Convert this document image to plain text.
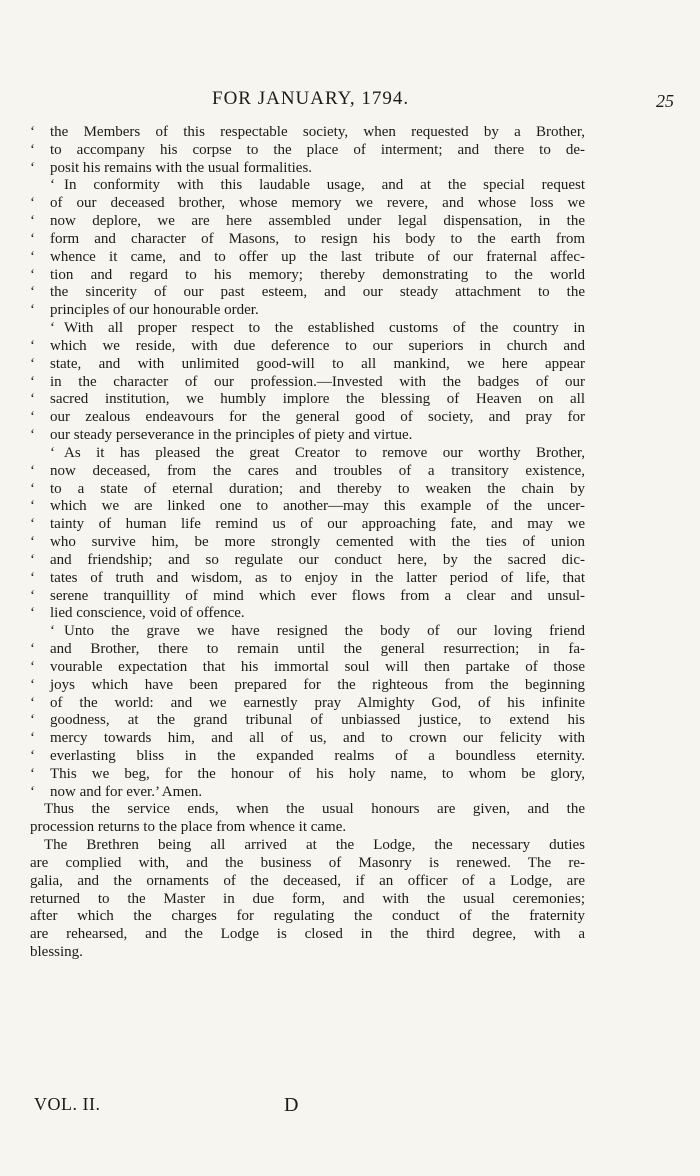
FOR JANUARY, 1794.	25
‘	the Members of this respectable society, when requested by a Brother,
‘	to accompany his corpse to the place of interment; and there to de-
‘	posit his remains with the usual formalities.
‘ In conformity with this laudable usage, and at the special request
‘	of our deceased brother, whose memory we revere, and whose loss we
‘	now deplore, we are here assembled under legal dispensation, in the
‘	form and character of Masons, to resign his body to the earth from
‘	whence it came, and to offer up the last tribute of our fraternal affec-
‘	tion and regard to his memory; thereby demonstrating to the world
‘	the sincerity of our past esteem, and our steady attachment to the
‘	principles of our honourable order.
‘ With all proper respect to the established customs of the country in
‘	which we reside, with due deference to our superiors in church and
‘	state, and with unlimited good-will to all mankind, we here appear
‘	in the character of our profession.—Invested with the badges of our
‘	sacred institution, we humbly implore the blessing of Heaven on all
‘	our zealous endeavours for the general good of society, and pray for
‘	our steady perseverance in the principles of piety and virtue.
‘ As it has pleased the great Creator to remove our worthy Brother,
‘	now deceased, from the cares and troubles of a transitory existence,
‘	to a state of eternal duration; and thereby to weaken the chain by
‘	which we are linked one to another—may this example of the uncer-
‘	tainty of human life remind us of our approaching fate, and may we
‘	who survive him, be more strongly cemented with the ties of union
‘	and friendship; and so regulate our conduct here, by the sacred dic-
‘	tates of truth and wisdom, as to enjoy in the latter period of life, that
‘	serene tranquillity of mind which ever flows from a clear and unsul-
‘	lied conscience, void of offence.
‘ Unto the grave we have resigned the body of our loving friend
‘	and Brother, there to remain until the general resurrection; in fa-
‘	vourable expectation that his immortal soul will then partake of those
‘	joys which have been prepared for the righteous from the beginning
‘	of the world: and we earnestly pray Almighty God, of his infinite
‘	goodness, at the grand tribunal of unbiassed justice, to extend his
‘	mercy towards him, and all of us, and to crown our felicity with
‘	everlasting bliss in the expanded realms of a boundless eternity.
‘	This we beg, for the honour of his holy name, to whom be glory,
‘	now and for ever.’ Amen.
Thus the service ends, when the usual honours are given, and the
procession returns to the place from whence it came.
The Brethren being all arrived at the Lodge, the necessary duties
are complied with, and the business of Masonry is renewed. The re-
galia, and the ornaments of the deceased, if an officer of a Lodge, are
returned to the Master in due form, and with the usual ceremonies;
after which the charges for regulating the conduct of the fraternity
are rehearsed, and the Lodge is closed in the third degree, with a
blessing.
VOL. II.	D
